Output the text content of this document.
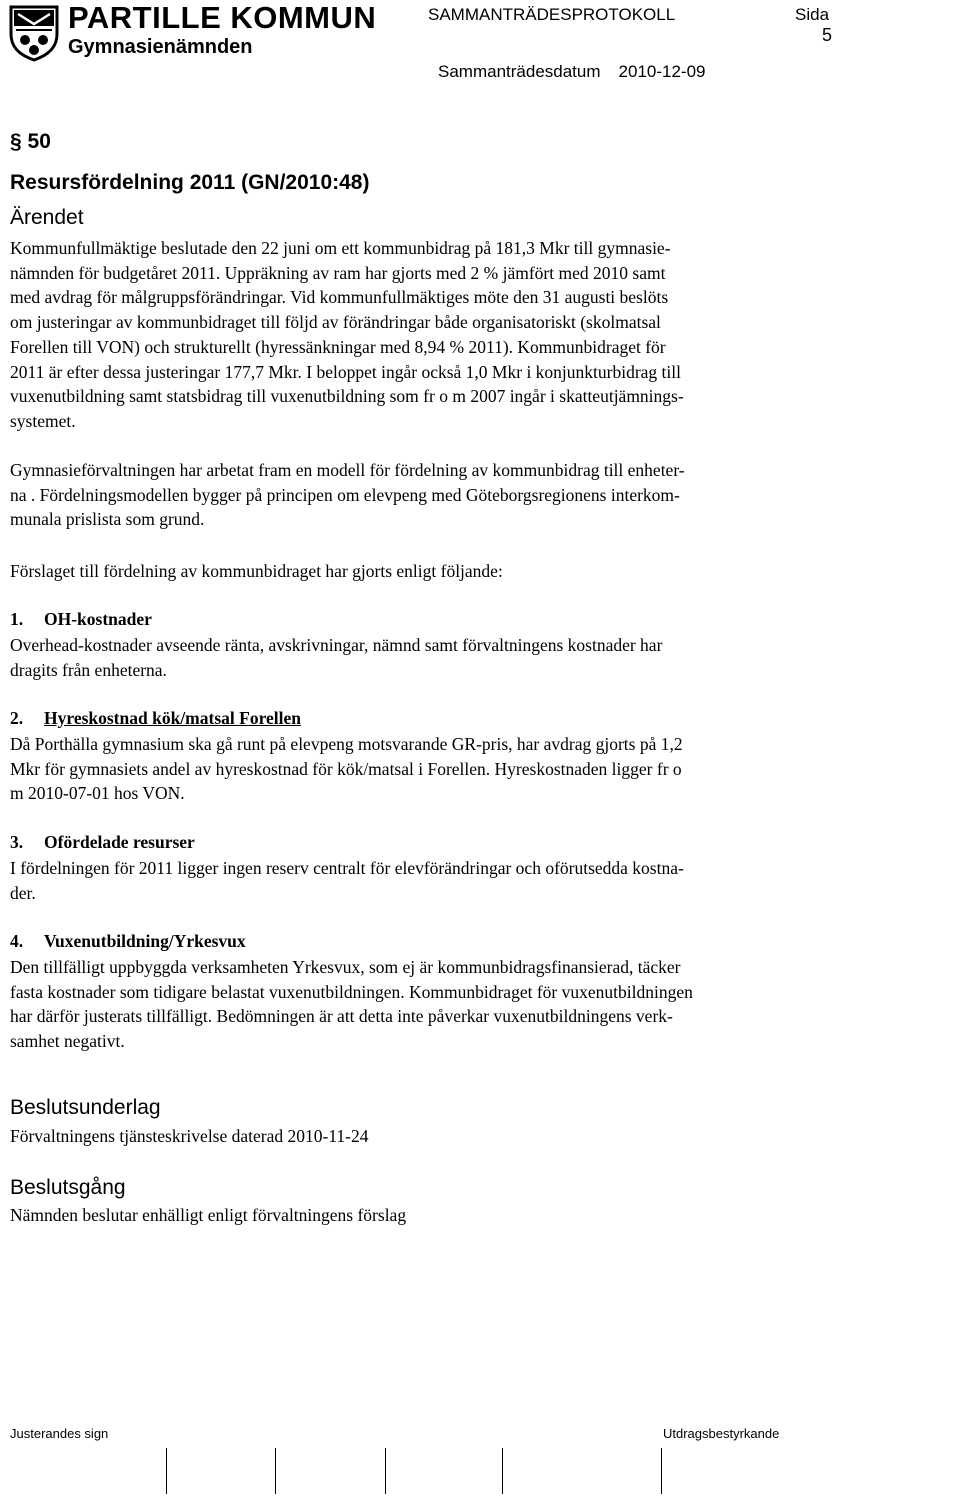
PARTILLE KOMMUN
Gymnasienämnden
SAMMANTRÄDESPROTOKOLL	Sida
5
Sammanträdesdatum 2010-12-09
§ 50
Resursfördelning 2011 (GN/2010:48)
Ärendet
Kommunfullmäktige beslutade den 22 juni om ett kommunbidrag på 181,3 Mkr till gymnasie-
nämnden för budgetåret 2011. Uppräkning av ram har gjorts med 2 % jämfört med 2010 samt
med avdrag för målgruppsförändringar. Vid kommunfullmäktiges möte den 31 augusti beslöts
om justeringar av kommunbidraget till följd av förändringar både organisatoriskt (skolmatsal
Forellen till VON) och strukturellt (hyressänkningar med 8,94 % 2011). Kommunbidraget för
2011 är efter dessa justeringar 177,7 Mkr. I beloppet ingår också 1,0 Mkr i konjunkturbidrag till
vuxenutbildning samt statsbidrag till vuxenutbildning som fr o m 2007 ingår i skatteutjämnings-
systemet.
Gymnasieförvaltningen har arbetat fram en modell för fördelning av kommunbidrag till enheter-
na . Fördelningsmodellen bygger på principen om elevpeng med Göteborgsregionens interkom-
munala prislista som grund.
Förslaget till fördelning av kommunbidraget har gjorts enligt följande:
1. OH-kostnader
Overhead-kostnader avseende ränta, avskrivningar, nämnd samt förvaltningens kostnader har
dragits från enheterna.
2. Hyreskostnad kök/matsal Forellen
Då Porthälla gymnasium ska gå runt på elevpeng motsvarande GR-pris, har avdrag gjorts på 1,2
Mkr för gymnasiets andel av hyreskostnad för kök/matsal i Forellen. Hyreskostnaden ligger fr o
m 2010-07-01 hos VON.
3. Ofördelade resurser
I fördelningen för 2011 ligger ingen reserv centralt för elevförändringar och oförutsedda kostna-
der.
4. Vuxenutbildning/Yrkesvux
Den tillfälligt uppbyggda verksamheten Yrkesvux, som ej är kommunbidragsfinansierad, täcker
fasta kostnader som tidigare belastat vuxenutbildningen. Kommunbidraget för vuxenutbildningen
har därför justerats tillfälligt. Bedömningen är att detta inte påverkar vuxenutbildningens verk-
samhet negativt.
Beslutsunderlag
Förvaltningens tjänsteskrivelse daterad 2010-11-24
Beslutsgång
Nämnden beslutar enhälligt enligt förvaltningens förslag
Justerandes sign	Utdragsbestyrkande
